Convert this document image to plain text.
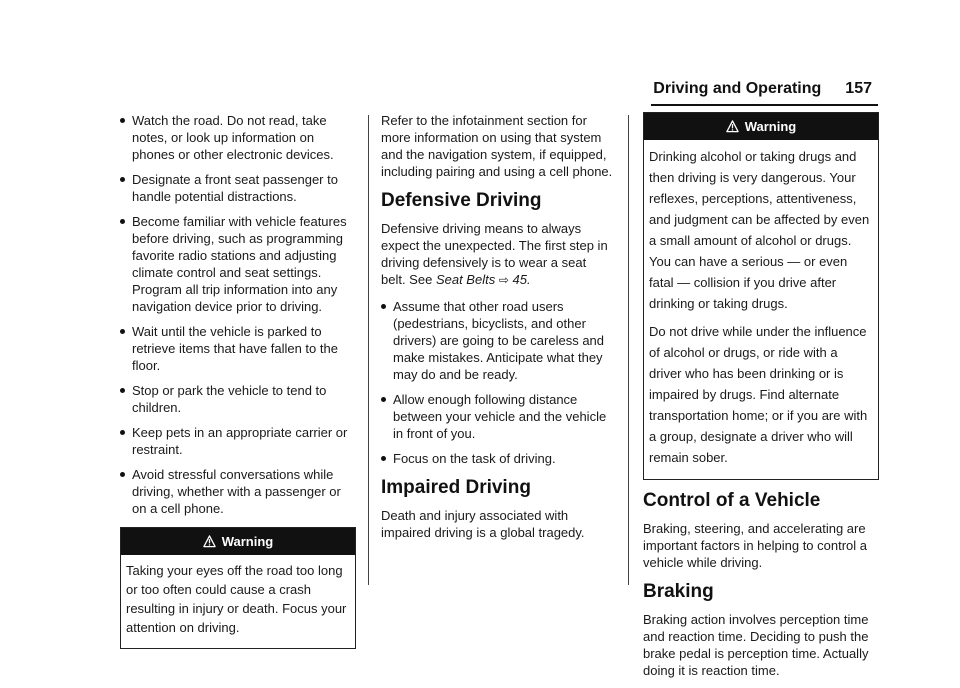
Driving and Operating 157
Watch the road. Do not read, take notes, or look up information on phones or other electronic devices.
Designate a front seat passenger to handle potential distractions.
Become familiar with vehicle features before driving, such as programming favorite radio stations and adjusting climate control and seat settings. Program all trip information into any navigation device prior to driving.
Wait until the vehicle is parked to retrieve items that have fallen to the floor.
Stop or park the vehicle to tend to children.
Keep pets in an appropriate carrier or restraint.
Avoid stressful conversations while driving, whether with a passenger or on a cell phone.
Warning

Taking your eyes off the road too long or too often could cause a crash resulting in injury or death. Focus your attention on driving.

Refer to the infotainment section for more information on using that system and the navigation system, if equipped, including pairing and using a cell phone.

Defensive Driving

Defensive driving means to always expect the unexpected. The first step in driving defensively is to wear a seat belt. See Seat Belts ⇨ 45.

Assume that other road users (pedestrians, bicyclists, and other drivers) are going to be careless and make mistakes. Anticipate what they may do and be ready.
Allow enough following distance between your vehicle and the vehicle in front of you.
Focus on the task of driving.
Impaired Driving

Death and injury associated with impaired driving is a global tragedy.

Warning

Drinking alcohol or taking drugs and then driving is very dangerous. Your reflexes, perceptions, attentiveness, and judgment can be affected by even a small amount of alcohol or drugs. You can have a serious — or even fatal — collision if you drive after drinking or taking drugs.

Do not drive while under the influence of alcohol or drugs, or ride with a driver who has been drinking or is impaired by drugs. Find alternate transportation home; or if you are with a group, designate a driver who will remain sober.

Control of a Vehicle

Braking, steering, and accelerating are important factors in helping to control a vehicle while driving.

Braking

Braking action involves perception time and reaction time. Deciding to push the brake pedal is perception time. Actually doing it is reaction time.
